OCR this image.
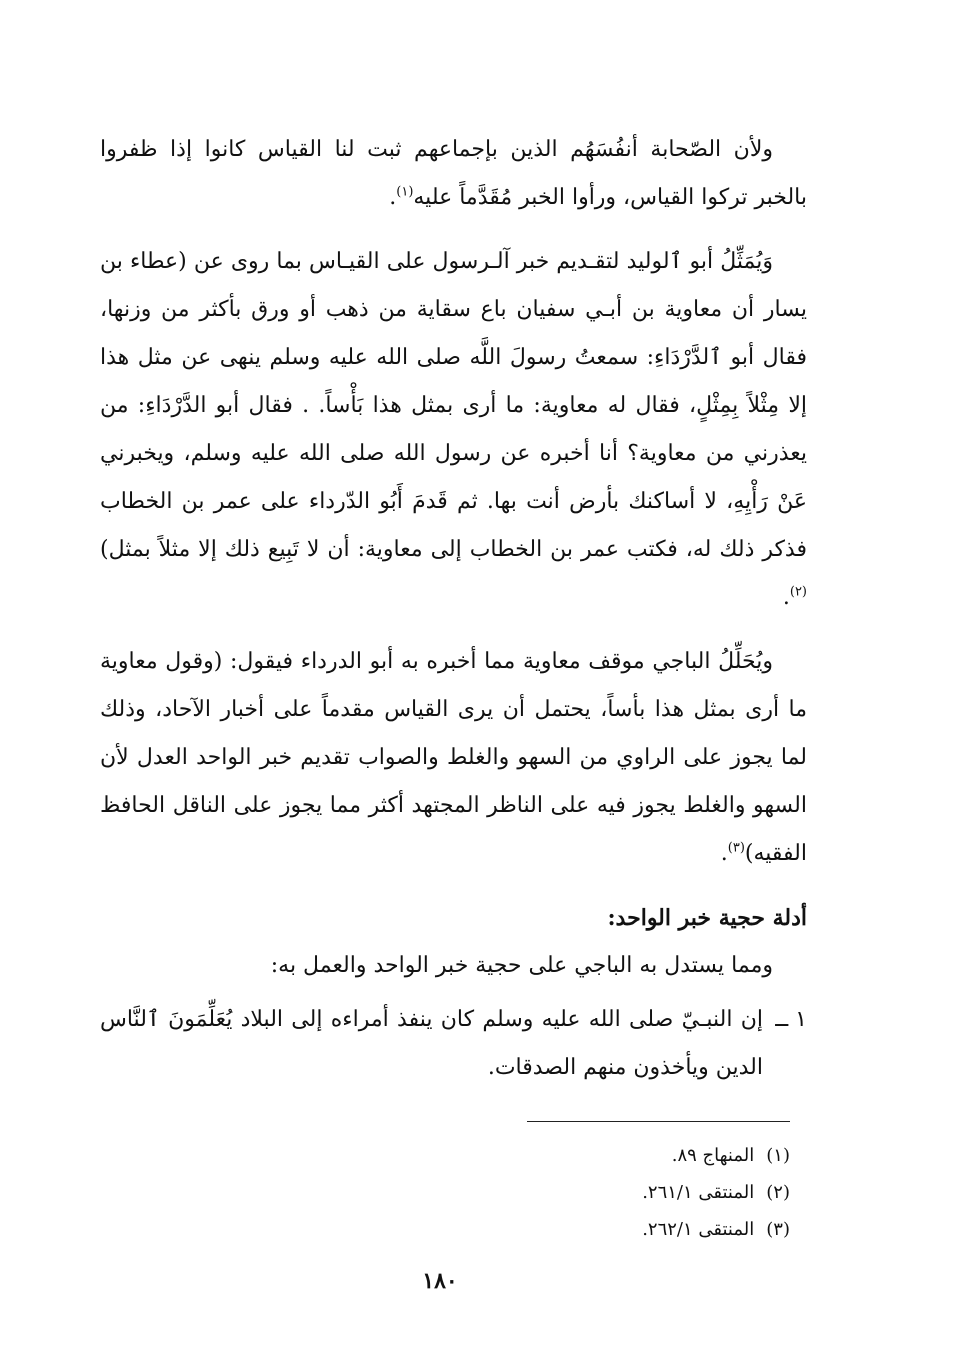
ولأن الصّحابة أنفُسَهُم الذين بإجماعهم ثبت لنا القياس كانوا إذا ظفروا بالخبر تركوا القياس، ورأوا الخبر مُقَدَّماً عليه$^{(١)}$.

وَيُمَثِّلُ أبو ٱلوليد لتقـديم خبر آلـرسول على القيـاس بما روى عن (عطاء بن يسار أن معاوية بن أبـي سفيان باع سقاية من ذهب أو ورق بأكثر من وزنها، فقال أبو ٱلدَّرْدَاءِ: سمعتُ رسولَ اللَّه صلى الله عليه وسلم ينهى عن مثل هذا إلا مِثْلاً بِمِثْلٍ، فقال له معاوية: ما أرى بمثل هذا بَأْساً. . فقال أبو الدَّرْدَاءِ: من يعذرني من معاوية؟ أنا أخبره عن رسول الله صلى الله عليه وسلم، ويخبرني عَنْ رَأْيِهِ، لا أساكنك بأرض أنت بها. ثم قَدمَ أَبُو الدّرداء على عمر بن الخطاب فذكر ذلك له، فكتب عمر بن الخطاب إلى معاوية: أن لا تَبِيع ذلك إلا مثلاً بمثل)$^{(٢)}$.

ويُحَلِّلُ الباجي موقف معاوية مما أخبره به أبو الدرداء فيقول: (وقول معاوية ما أرى بمثل هذا بأساً، يحتمل أن يرى القياس مقدماً على أخبار الآحاد، وذلك لما يجوز على الراوي من السهو والغلط والصواب تقديم خبر الواحد العدل لأن السهو والغلط يجوز فيه على الناظر المجتهد أكثر مما يجوز على الناقل الحافظ الفقيه)$^{(٣)}$.

أدلة حجية خبر الواحد:

ومما يستدل به الباجي على حجية خبر الواحد والعمل به:

١ ــ
إن النبـيّ صلى الله عليه وسلم كان ينفذ أمراءه إلى البلاد يُعَلِّمَونَ ٱلنَّاس الدين ويأخذون منهم الصدقات.

(١)المنهاج ٨٩.

(٢)المنتقى ٢٦١/١.

(٣)المنتقى ٢٦٢/١.

١٨٠
